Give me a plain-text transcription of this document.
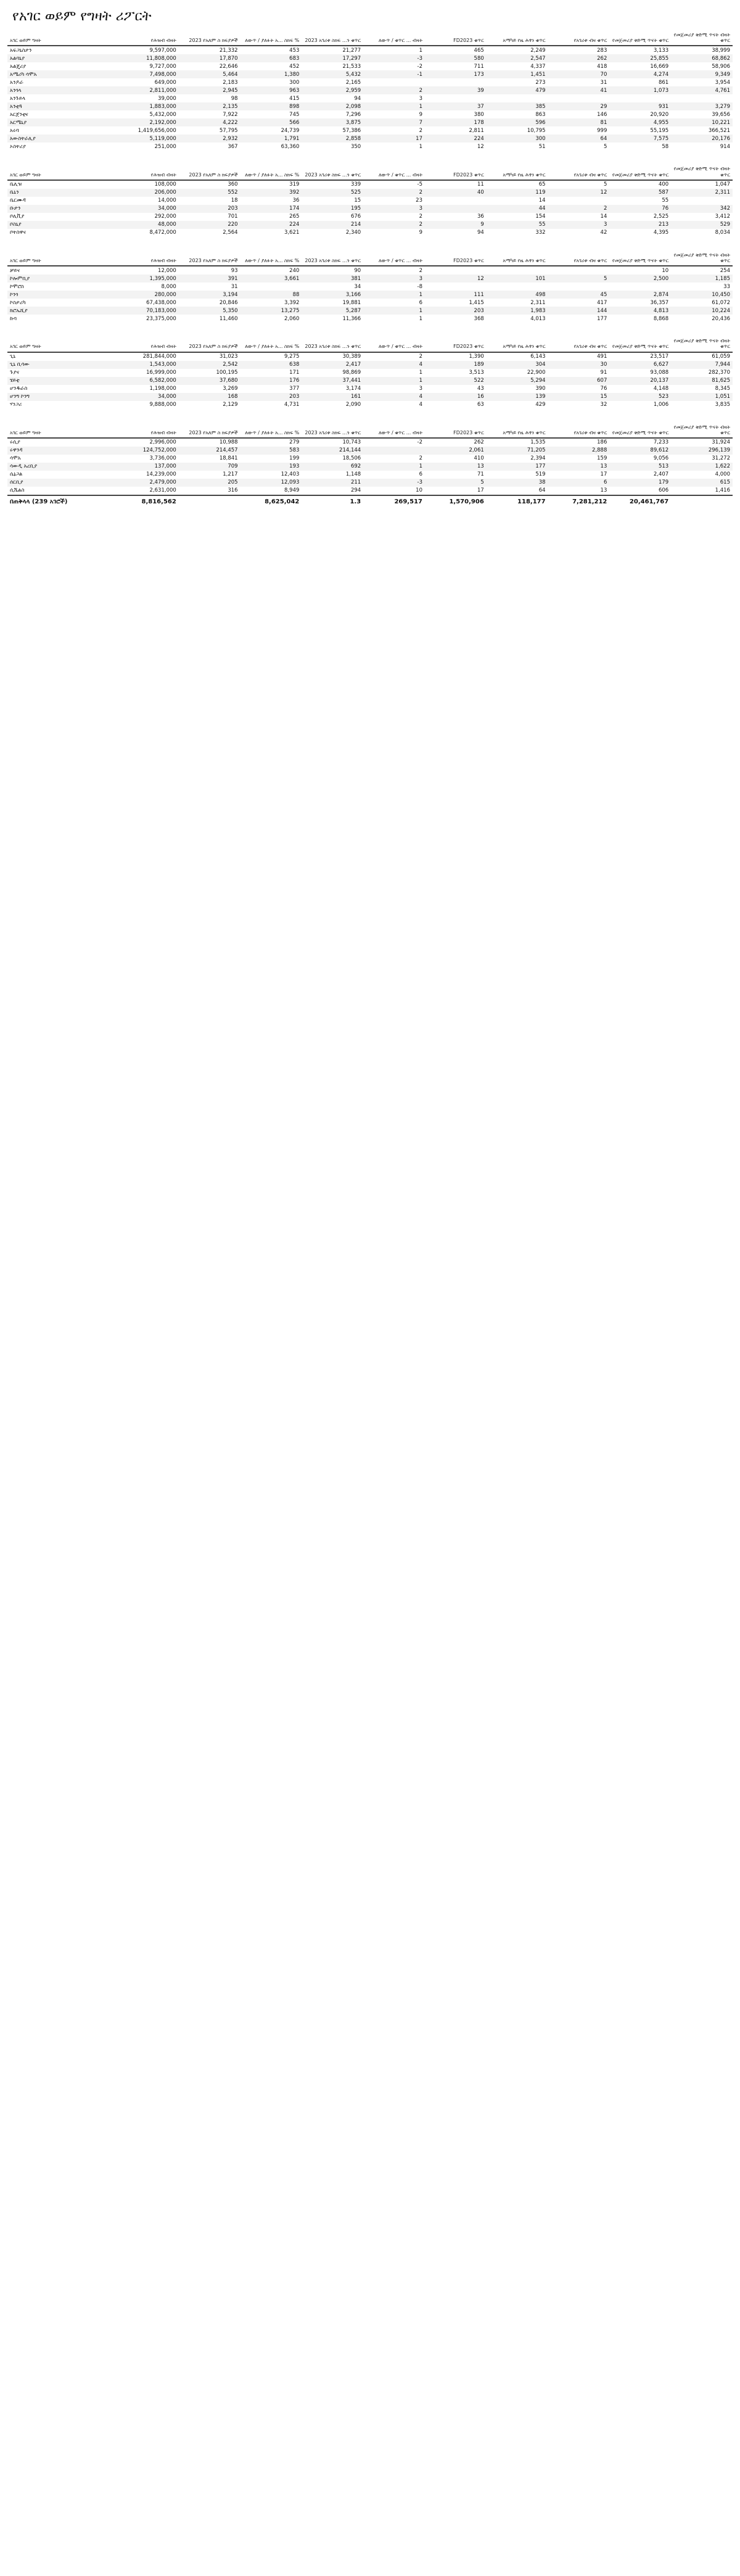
የአገር ወይም የግዛት ሪፖርት
አገር ወይም ግዛት	የሕዝብ ብዛት	2023 የአለም ስ ክፍያዎች	ለውጥ / ያለፉት አ... ስክፍ %	2023 አገሪቱ ስክፍ ...ን ቁጥር	ለውጥ / ቁጥር ... ብዛት	FD2023 ቁጥር	አማካይ የዜ ሕፃን ቁጥር	የአገሪቱ ብዛ ቁጥር	የመጀመሪያ ቅድሚ ጥናት ቁጥር	የመጀመሪያ ቅድሚ ጥናት ብዛት ቁጥር
አፍጋኒስታን	9,597,000	21,332	453	21,277	1	465	2,249	283	3,133	38,999
አልባኒያ	11,808,000	17,870	683	17,297	-3	580	2,547	262	25,855	68,862
አልጄሪያ	9,727,000	22,646	452	21,533	-2	711	4,337	418	16,669	58,906
አሜሪካ ሳሞአ	7,498,000	5,464	1,380	5,432	-1	173	1,451	70	4,274	9,349
አንዶራ	649,000	2,183	300	2,165			273	31	861	3,954
አንጎላ	2,811,000	2,945	963	2,959	2	39	479	41	1,073	4,761
አንጉይላ	39,000	98	415	94	3					
አንቲጓ	1,883,000	2,135	898	2,098	1	37	385	29	931	3,279
አርጀንቲና	5,432,000	7,922	745	7,296	9	380	863	146	20,920	39,656
አርሜኒያ	2,192,000	4,222	566	3,875	7	178	596	81	4,955	10,221
አሩባ	1,419,656,000	57,795	24,739	57,386	2	2,811	10,795	999	55,195	366,521
አውስትራሊያ	5,119,000	2,932	1,791	2,858	17	224	300	64	7,575	20,176
ኦስትሪያ	251,000	367	63,360	350	1	12	51	5	58	914
አገር ወይም ግዛት	የሕዝብ ብዛት	2023 የአለም ስ ክፍያዎች	ለውጥ / ያለፉት አ... ስክፍ %	2023 አገሪቱ ስክፍ ...ን ቁጥር	ለውጥ / ቁጥር ... ብዛት	FD2023 ቁጥር	አማካይ የዜ ሕፃን ቁጥር	የአገሪቱ ብዛ ቁጥር	የመጀመሪያ ቅድሚ ጥናት ቁጥር	የመጀመሪያ ቅድሚ ጥናት ብዛት ቁጥር
ቤሊዝ	108,000	360	319	339	-5	11	65	5	400	1,047
ቤኒን	206,000	552	392	525	2	40	119	12	587	2,311
ቤርሙዳ	14,000	18	36	15	23		14		55	
ቡታን	34,000	203	174	195	3		44	2	76	342
ቦሊቪያ	292,000	701	265	676	2	36	154	14	2,525	3,412
ቦስኒያ	48,000	220	224	214	2	9	55	3	213	529
ቦትስዋና	8,472,000	2,564	3,621	2,340	9	94	332	42	4,395	8,034
አገር ወይም ግዛት	የሕዝብ ብዛት	2023 የአለም ስ ክፍያዎች	ለውጥ / ያለፉት አ... ስክፍ %	2023 አገሪቱ ስክፍ ...ን ቁጥር	ለውጥ / ቁጥር ... ብዛት	FD2023 ቁጥር	አማካይ የዜ ሕፃን ቁጥር	የአገሪቱ ብዛ ቁጥር	የመጀመሪያ ቅድሚ ጥናት ቁጥር	የመጀመሪያ ቅድሚ ጥናት ብዛት ቁጥር
ቻይና	12,000	93	240	90	2				10	254
ኮሎምቢያ	1,395,000	391	3,661	381	3	12	101	5	2,500	1,185
ኮሞሮስ	8,000	31		34	-8					33
ኮንጎ	280,000	3,194	88	3,166	1	111	498	45	2,874	10,450
ኮስታሪካ	67,438,000	20,846	3,392	19,881	6	1,415	2,311	417	36,357	61,072
ክሮኤሺያ	70,183,000	5,350	13,275	5,287	1	203	1,983	144	4,813	10,224
ኩባ	23,375,000	11,460	2,060	11,366	1	368	4,013	177	8,868	20,436
አገር ወይም ግዛት	የሕዝብ ብዛት	2023 የአለም ስ ክፍያዎች	ለውጥ / ያለፉት አ... ስክፍ %	2023 አገሪቱ ስክፍ ...ን ቁጥር	ለውጥ / ቁጥር ... ብዛት	FD2023 ቁጥር	አማካይ የዜ ሕፃን ቁጥር	የአገሪቱ ብዛ ቁጥር	የመጀመሪያ ቅድሚ ጥናት ቁጥር	የመጀመሪያ ቅድሚ ጥናት ብዛት ቁጥር
ጊኒ	281,844,000	31,023	9,275	30,389	2	1,390	6,143	491	23,517	61,059
ጊኒ ቢሳው	1,543,000	2,542	638	2,417	4	189	304	30	6,627	7,944
ጉያና	16,999,000	100,195	171	98,869	1	3,513	22,900	91	93,088	282,370
ሄይቲ	6,582,000	37,680	176	37,441	1	522	5,294	607	20,137	81,625
ሆንዱራስ	1,198,000	3,269	377	3,174	3	43	390	76	4,148	8,345
ሆንግ ኮንግ	34,000	168	203	161	4	16	139	15	523	1,051
ሃንጋሪ	9,888,000	2,129	4,731	2,090	4	63	429	32	1,006	3,835
አገር ወይም ግዛት	የሕዝብ ብዛት	2023 የአለም ስ ክፍያዎች	ለውጥ / ያለፉት አ... ስክፍ %	2023 አገሪቱ ስክፍ ...ን ቁጥር	ለውጥ / ቁጥር ... ብዛት	FD2023 ቁጥር	አማካይ የዜ ሕፃን ቁጥር	የአገሪቱ ብዛ ቁጥር	የመጀመሪያ ቅድሚ ጥናት ቁጥር	የመጀመሪያ ቅድሚ ጥናት ብዛት ቁጥር
ሩሲያ	2,996,000	10,988	279	10,743	-2	262	1,535	186	7,233	31,924
ሩዋንዳ	124,752,000	214,457	583	214,144		2,061	71,205	2,888	89,612	296,139
ሳሞአ	3,736,000	18,841	199	18,506	2	410	2,394	159	9,056	31,272
ሳውዲ አረቢያ	137,000	709	193	692	1	13	177	13	513	1,622
ሴኔጋል	14,239,000	1,217	12,403	1,148	6	71	519	17	2,407	4,000
ሰርቢያ	2,479,000	205	12,093	211	-3	5	38	6	179	615
ሲሼልስ	2,631,000	316	8,949	294	10	17	64	13	606	1,416
በጠቅላላ (239 አገሮች)	8,816,562		8,625,042	1.3	269,517	1,570,906	118,177	7,281,212	20,461,767	
